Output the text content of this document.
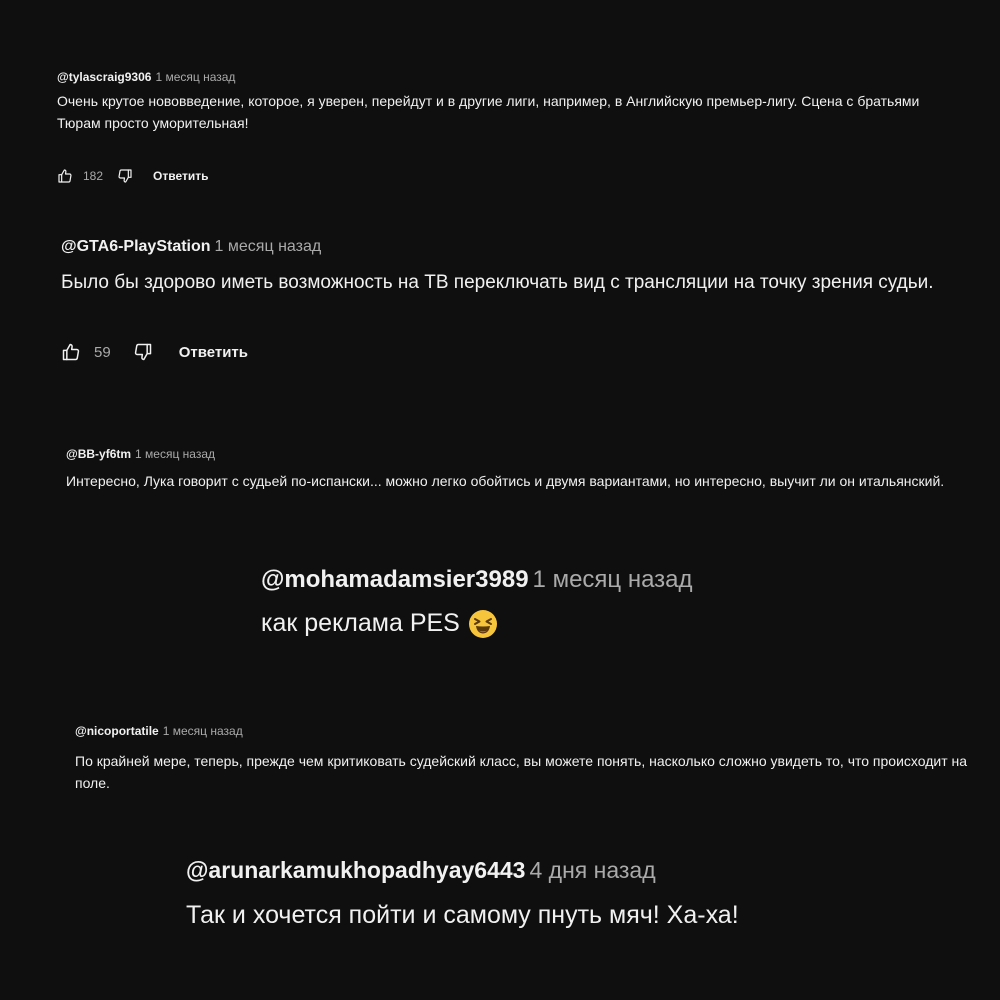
@tylascraig9306 1 месяц назад
Очень крутое нововведение, которое, я уверен, перейдут и в другие лиги, например, в Английскую премьер-лигу. Сцена с братьями Тюрам просто уморительная!
182	Ответить
@GTA6-PlayStation 1 месяц назад
Было бы здорово иметь возможность на ТВ переключать вид с трансляции на точку зрения судьи.
59	Ответить
@BB-yf6tm 1 месяц назад
Интересно, Лука говорит с судьей по-испански... можно легко обойтись и двумя вариантами, но интересно, выучит ли он итальянский.
@mohamadamsier3989 1 месяц назад
как реклама PES
@nicoportatile 1 месяц назад
По крайней мере, теперь, прежде чем критиковать судейский класс, вы можете понять, насколько сложно увидеть то, что происходит на поле.
@arunarkamukhopadhyay6443 4 дня назад
Так и хочется пойти и самому пнуть мяч! Ха-ха!
